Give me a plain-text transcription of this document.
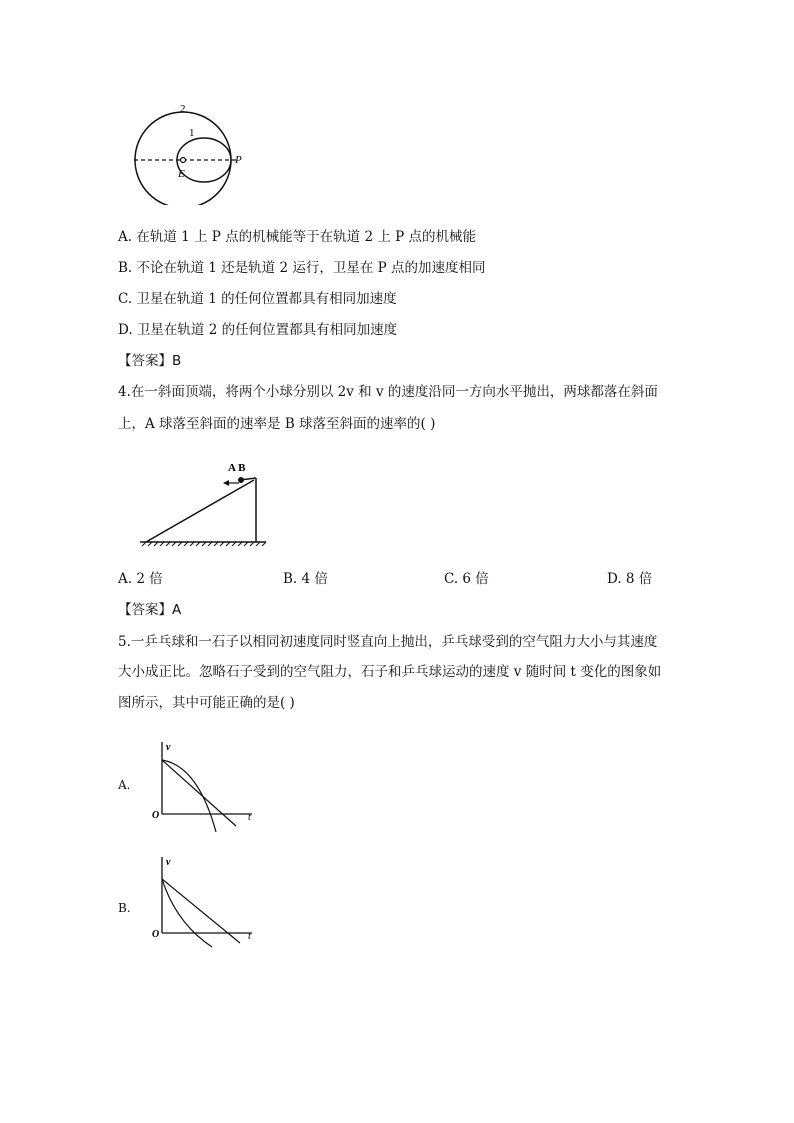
2
1
E
P
A. 在轨道 1 上 P 点的机械能等于在轨道 2 上 P 点的机械能
B. 不论在轨道 1 还是轨道 2 运行，卫星在 P 点的加速度相同
C. 卫星在轨道 1 的任何位置都具有相同加速度
D. 卫星在轨道 2 的任何位置都具有相同加速度
【答案】B
4.在一斜面顶端，将两个小球分别以 2v 和 v 的速度沿同一方向水平抛出，两球都落在斜面
上，A 球落至斜面的速率是 B 球落至斜面的速率的( )
A B
A. 2 倍	B. 4 倍	C. 6 倍	D. 8 倍
【答案】A
5.一乒乓球和一石子以相同初速度同时竖直向上抛出，乒乓球受到的空气阻力大小与其速度
大小成正比。忽略石子受到的空气阻力，石子和乒乓球运动的速度 v 随时间 t 变化的图象如
图所示，其中可能正确的是( )
A.
v
O	t
B.
v
O	t
